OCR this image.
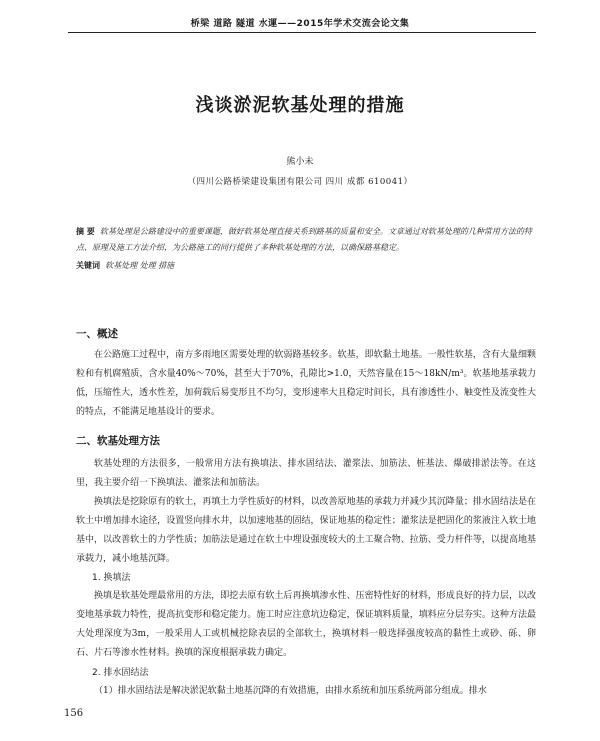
桥梁 道路 隧道 水運——2015年学术交流会论文集
浅谈淤泥软基处理的措施
熊小未
（四川公路桥梁建设集团有限公司 四川 成都 610041）
摘 要 软基处理是公路建设中的重要课题，做好软基处理直接关系到路基的质量和安全。文章通过对软基处理的几种常用方法的特点、原理及施工方法介绍，为公路施工的同行提供了多种软基处理的方法，以确保路基稳定。
关键词 软基处理 处理 措施
一、概述

在公路施工过程中，南方多雨地区需要处理的软弱路基较多。软基，即软黏土地基。一般性软基，含有大量细颗粒和有机腐殖质，含水量40%～70%，甚至大于70%，孔隙比>1.0，天然容量在15～18kN/m³。软基地基承载力低，压缩性大，透水性差，加荷载后易变形且不均匀，变形速率大且稳定时间长，具有渗透性小、触变性及流变性大的特点，不能满足地基设计的要求。

二、软基处理方法

软基处理的方法很多，一般常用方法有换填法、排水固结法、灌浆法、加筋法、桩基法、爆破排淤法等。在这里，我主要介绍一下换填法、灌浆法和加筋法。

换填法是挖除原有的软土，再填土力学性质好的材料，以改善原地基的承载力并减少其沉降量；排水固结法是在软土中增加排水途径，设置竖向排水井，以加速地基的固结，保证地基的稳定性；灌浆法是把固化的浆液注入软土地基中，以改善软土的力学性质；加筋法是通过在软土中埋设强度较大的土工聚合物、拉筋、受力杆件等，以提高地基承载力，减小地基沉降。

1. 换填法

换填是软基处理最常用的方法，即挖去原有软土后再换填渗水性、压密特性好的材料，形成良好的持力层，以改变地基承载力特性，提高抗变形和稳定能力。施工时应注意坑边稳定，保证填料质量，填料应分层夯实。这种方法最大处理深度为3m，一般采用人工或机械挖除表层的全部软土，换填材料一般选择强度较高的黏性土或砂、砾、卵石、片石等渗水性材料。换填的深度根据承载力确定。

2. 排水固结法

（1）排水固结法是解决淤泥软黏土地基沉降的有效措施，由排水系统和加压系统两部分组成。排水

156
